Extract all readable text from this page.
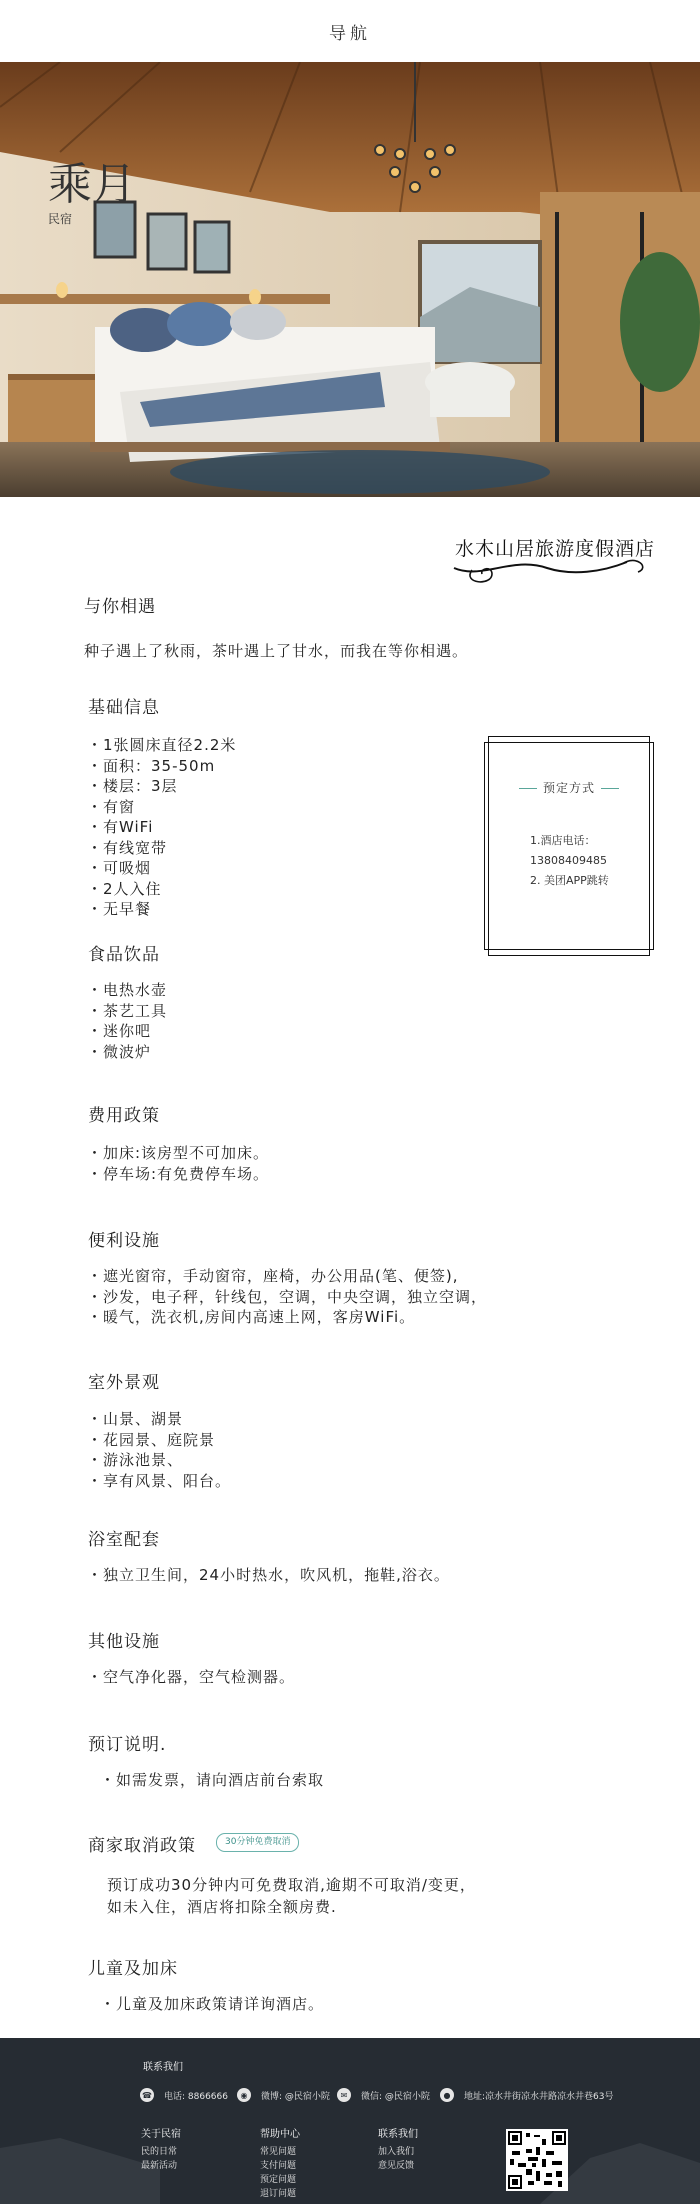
导航
乘月
民宿
水木山居旅游度假酒店
与你相遇
种子遇上了秋雨，茶叶遇上了甘水，而我在等你相遇。
基础信息
・1张圆床直径2.2米
・面积：35-50m
・楼层：3层
・有窗
・有WiFi
・有线宽带
・可吸烟
・2人入住
・无早餐
预定方式
1.酒店电话：
13808409485
2. 美团APP跳转
食品饮品
・电热水壶
・茶艺工具
・迷你吧
・微波炉
费用政策
・加床:该房型不可加床。
・停车场:有免费停车场。
便利设施
・遮光窗帘，手动窗帘，座椅，办公用品(笔、便签),
・沙发，电子秤，针线包，空调，中央空调，独立空调，
・暖气，洗衣机,房间内高速上网，客房WiFi。
室外景观
・山景、湖景
・花园景、庭院景
・游泳池景、
・享有风景、阳台。
浴室配套
・独立卫生间，24小时热水，吹风机，拖鞋,浴衣。
其他设施
・空气净化器，空气检测器。
预订说明.
・如需发票，请向酒店前台索取
商家取消政策	30分钟免费取消
预订成功30分钟内可免费取消,逾期不可取消/变更，
如未入住，酒店将扣除全额房费.
儿童及加床
・儿童及加床政策请详询酒店。
联系我们
☎ 电话: 8866666	◉	微博: @民宿小院	✉	微信: @民宿小院	●	地址:凉水井街凉水井路凉水井巷63号
关于民宿
民的日常
最新活动
帮助中心
常见问题
支付问题
预定问题
退订问题
联系我们
加入我们
意见反馈
